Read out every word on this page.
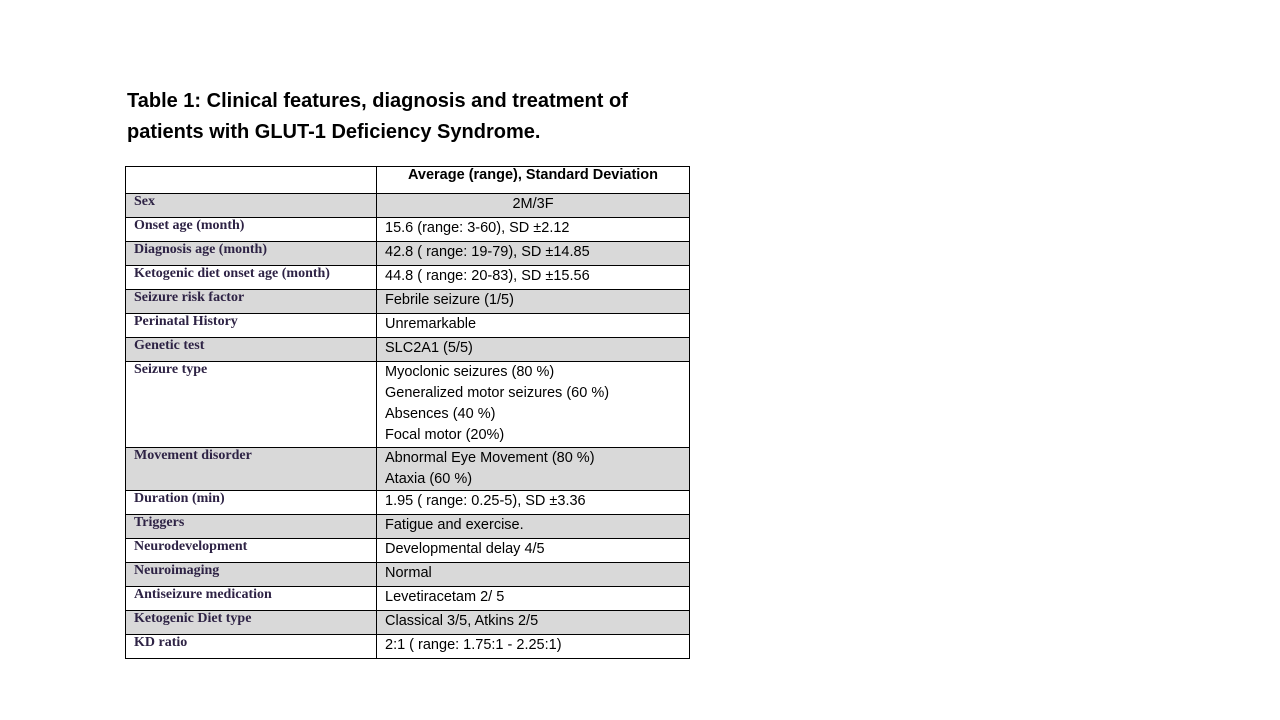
Table 1: Clinical features, diagnosis and treatment of
patients with GLUT-1 Deficiency Syndrome.
	Average (range), Standard Deviation
Sex	2M/3F
Onset age (month)	15.6 (range: 3-60), SD ±2.12
Diagnosis age (month)	42.8 ( range: 19-79), SD ±14.85
Ketogenic diet onset age (month)	44.8 ( range: 20-83), SD ±15.56
Seizure risk factor	Febrile seizure (1/5)
Perinatal History	Unremarkable
Genetic test	SLC2A1 (5/5)
Seizure type	Myoclonic seizures (80 %)
Generalized motor seizures (60 %)
Absences (40 %)
Focal motor (20%)

Movement disorder	Abnormal Eye Movement (80 %)
Ataxia (60 %)

Duration (min)	1.95 ( range: 0.25-5), SD ±3.36
Triggers	Fatigue and exercise.
Neurodevelopment	Developmental delay 4/5
Neuroimaging	Normal
Antiseizure medication	Levetiracetam 2/ 5
Ketogenic Diet type	Classical 3/5, Atkins 2/5
KD ratio	2:1 ( range: 1.75:1 - 2.25:1)
